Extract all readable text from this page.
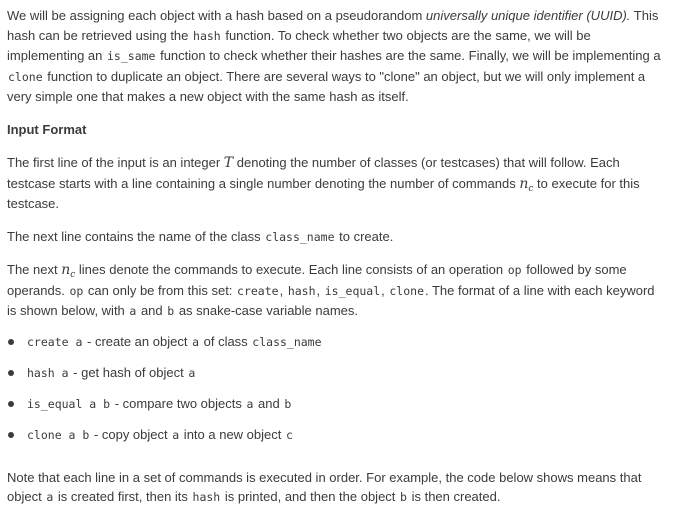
We will be assigning each object with a hash based on a pseudorandom universally unique identifier (UUID). This hash can be retrieved using the hash function. To check whether two objects are the same, we will be implementing an is_same function to check whether their hashes are the same. Finally, we will be implementing a clone function to duplicate an object. There are several ways to "clone" an object, but we will only implement a very simple one that makes a new object with the same hash as itself.

Input Format

The first line of the input is an integer T denoting the number of classes (or testcases) that will follow. Each testcase starts with a line containing a single number denoting the number of commands $n_c$ to execute for this testcase.

The next line contains the name of the class class_name to create.

The next $n_c$ lines denote the commands to execute. Each line consists of an operation op followed by some operands. op can only be from this set: create, hash, is_equal, clone. The format of a line with each keyword is shown below, with a and b as snake-case variable names.

create a - create an object a of class class_name
hash a - get hash of object a
is_equal a b - compare two objects a and b
clone a b - copy object a into a new object c

Note that each line in a set of commands is executed in order. For example, the code below shows means that object a is created first, then its hash is printed, and then the object b is then created.
